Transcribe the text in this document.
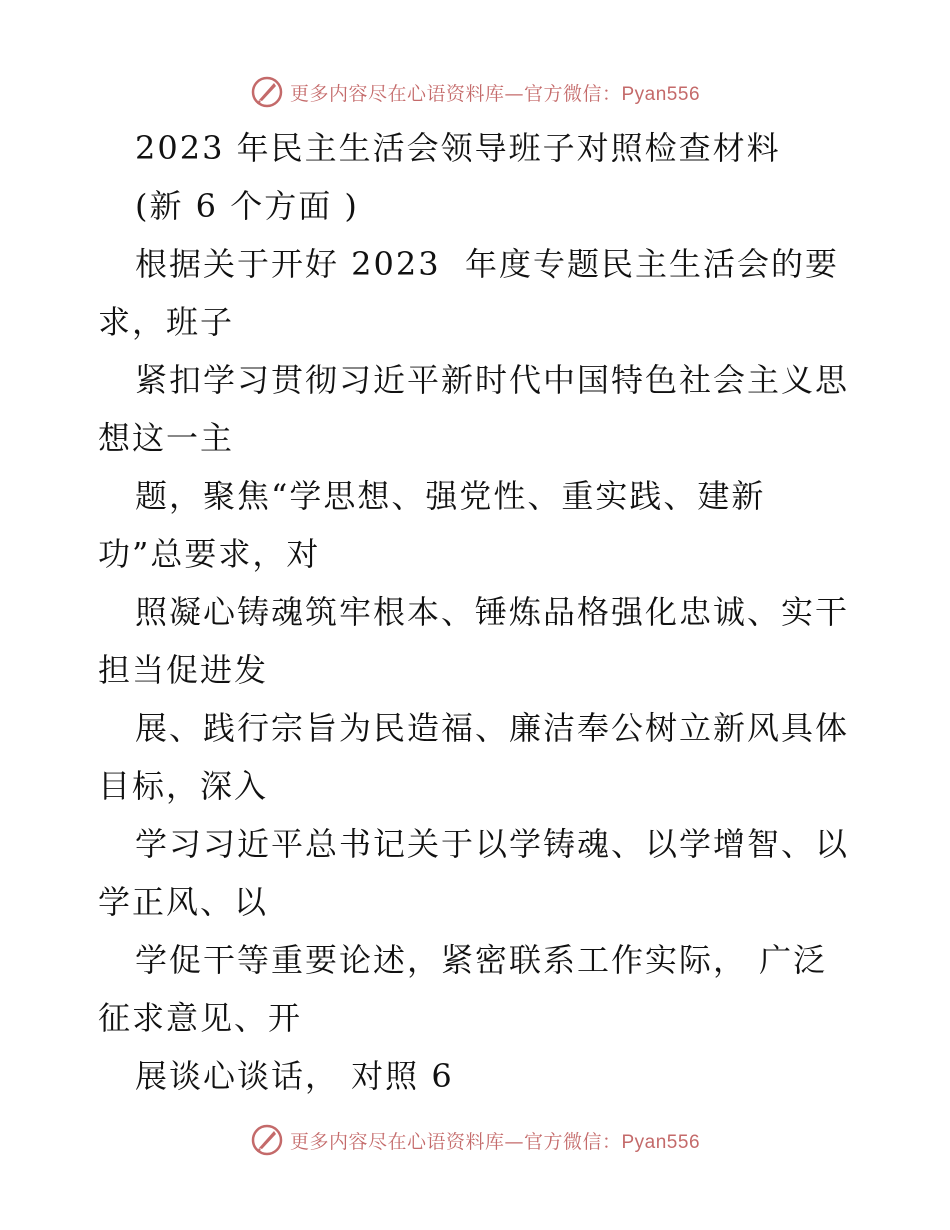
更多内容尽在心语资料库—官方微信：Pyan556
2023 年民主生活会领导班子对照检查材料
(新 6 个方面 )
根据关于开好 2023  年度专题民主生活会的要
求，班子
紧扣学习贯彻习近平新时代中国特色社会主义思
想这一主
题，聚焦“学思想、强党性、重实践、建新
功”总要求，对
照凝心铸魂筑牢根本、锤炼品格强化忠诚、实干
担当促进发
展、践行宗旨为民造福、廉洁奉公树立新风具体
目标，深入
学习习近平总书记关于以学铸魂、以学增智、以
学正风、以
学促干等重要论述，紧密联系工作实际， 广泛
征求意见、开
展谈心谈话， 对照 6
更多内容尽在心语资料库—官方微信：Pyan556
